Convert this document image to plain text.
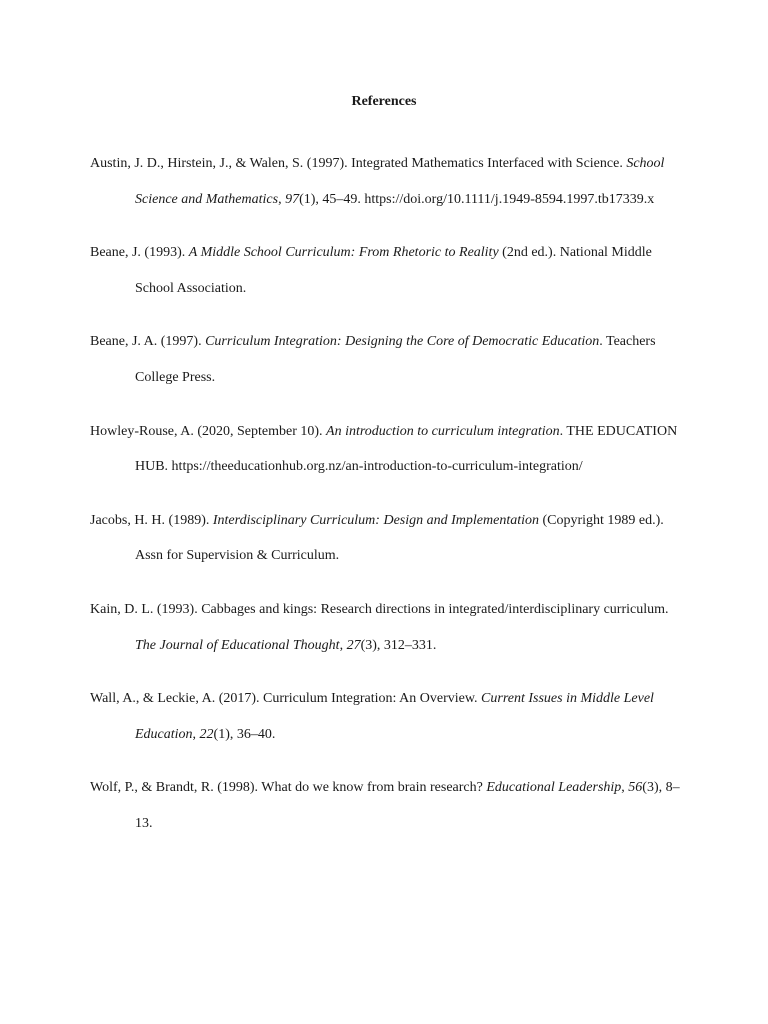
References

Austin, J. D., Hirstein, J., & Walen, S. (1997). Integrated Mathematics Interfaced with Science. School Science and Mathematics, 97(1), 45–49. https://doi.org/10.1111/j.1949-8594.1997.tb17339.x

Beane, J. (1993). A Middle School Curriculum: From Rhetoric to Reality (2nd ed.). National Middle School Association.

Beane, J. A. (1997). Curriculum Integration: Designing the Core of Democratic Education. Teachers College Press.

Howley-Rouse, A. (2020, September 10). An introduction to curriculum integration. THE EDUCATION HUB. https://theeducationhub.org.nz/an-introduction-to-curriculum-integration/

Jacobs, H. H. (1989). Interdisciplinary Curriculum: Design and Implementation (Copyright 1989 ed.). Assn for Supervision & Curriculum.

Kain, D. L. (1993). Cabbages and kings: Research directions in integrated/interdisciplinary curriculum. The Journal of Educational Thought, 27(3), 312–331.

Wall, A., & Leckie, A. (2017). Curriculum Integration: An Overview. Current Issues in Middle Level Education, 22(1), 36–40.

Wolf, P., & Brandt, R. (1998). What do we know from brain research? Educational Leadership, 56(3), 8–13.
